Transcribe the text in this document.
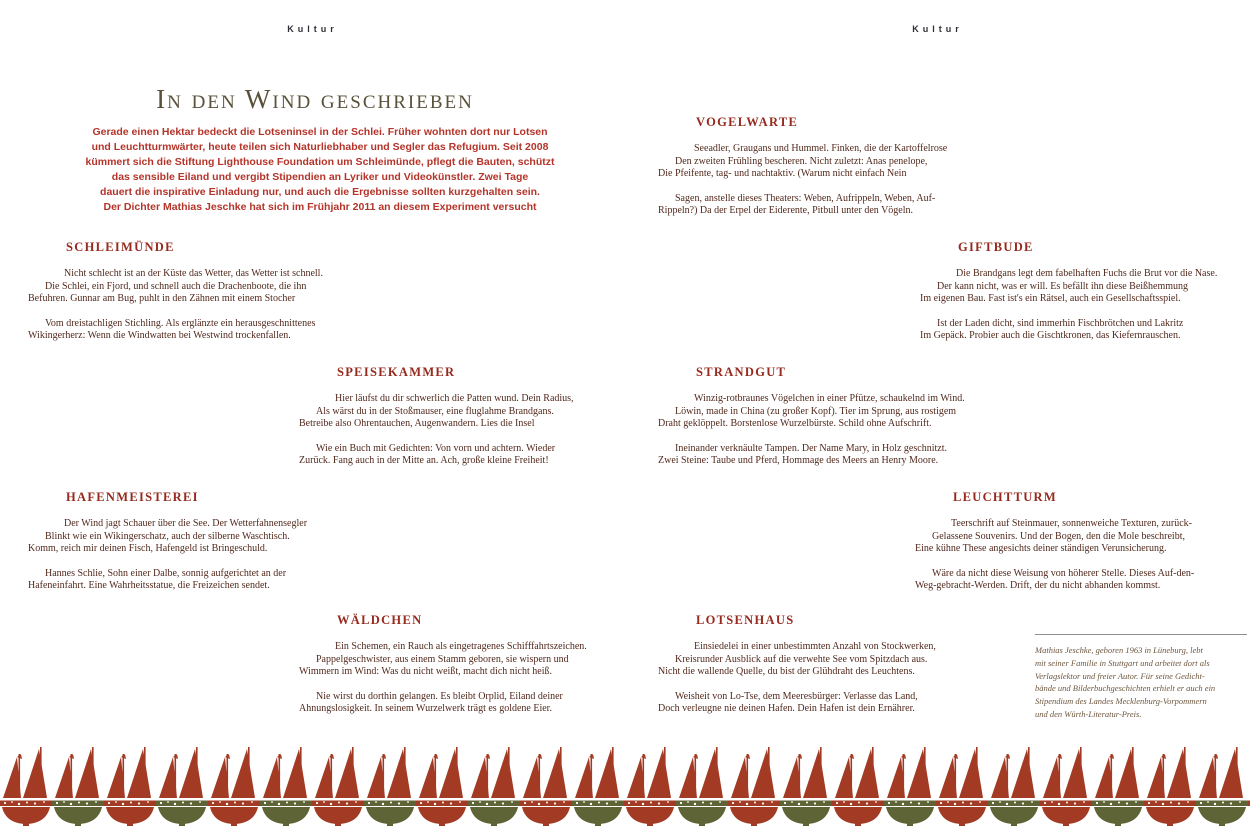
Kultur	Kultur
In den Wind geschrieben
Gerade einen Hektar bedeckt die Lotseninsel in der Schlei. Früher wohnten dort nur Lotsen
und Leuchtturmwärter, heute teilen sich Naturliebhaber und Segler das Refugium. Seit 2008
kümmert sich die Stiftung Lighthouse Foundation um Schleimünde, pflegt die Bauten, schützt
das sensible Eiland und vergibt Stipendien an Lyriker und Videokünstler. Zwei Tage
dauert die inspirative Einladung nur, und auch die Ergebnisse sollten kurzgehalten sein.
Der Dichter Mathias Jeschke hat sich im Frühjahr 2011 an diesem Experiment versucht
SCHLEIMÜNDE
Nicht schlecht ist an der Küste das Wetter, das Wetter ist schnell.
Die Schlei, ein Fjord, und schnell auch die Drachenboote, die ihn
Befuhren. Gunnar am Bug, puhlt in den Zähnen mit einem Stocher
Vom dreistachligen Stichling. Als erglänzte ein herausgeschnittenes
Wikingerherz: Wenn die Windwatten bei Westwind trockenfallen.
SPEISEKAMMER
Hier läufst du dir schwerlich die Patten wund. Dein Radius,
Als wärst du in der Stoßmauser, eine fluglahme Brandgans.
Betreibe also Ohrentauchen, Augenwandern. Lies die Insel
Wie ein Buch mit Gedichten: Von vorn und achtern. Wieder
Zurück. Fang auch in der Mitte an. Ach, große kleine Freiheit!
HAFENMEISTEREI
Der Wind jagt Schauer über die See. Der Wetterfahnensegler
Blinkt wie ein Wikingerschatz, auch der silberne Waschtisch.
Komm, reich mir deinen Fisch, Hafengeld ist Bringeschuld.
Hannes Schlie, Sohn einer Dalbe, sonnig aufgerichtet an der
Hafeneinfahrt. Eine Wahrheitsstatue, die Freizeichen sendet.
WÄLDCHEN
Ein Schemen, ein Rauch als eingetragenes Schifffahrtszeichen.
Pappelgeschwister, aus einem Stamm geboren, sie wispern und
Wimmern im Wind: Was du nicht weißt, macht dich nicht heiß.
Nie wirst du dorthin gelangen. Es bleibt Orplid, Eiland deiner
Ahnungslosigkeit. In seinem Wurzelwerk trägt es goldene Eier.
VOGELWARTE
Seeadler, Graugans und Hummel. Finken, die der Kartoffelrose
Den zweiten Frühling bescheren. Nicht zuletzt: Anas penelope,
Die Pfeifente, tag- und nachtaktiv. (Warum nicht einfach Nein
Sagen, anstelle dieses Theaters: Weben, Aufrippeln, Weben, Auf-
Rippeln?) Da der Erpel der Eiderente, Pitbull unter den Vögeln.
GIFTBUDE
Die Brandgans legt dem fabelhaften Fuchs die Brut vor die Nase.
Der kann nicht, was er will. Es befällt ihn diese Beißhemmung
Im eigenen Bau. Fast ist's ein Rätsel, auch ein Gesellschaftsspiel.
Ist der Laden dicht, sind immerhin Fischbrötchen und Lakritz
Im Gepäck. Probier auch die Gischtkronen, das Kiefernrauschen.
STRANDGUT
Winzig-rotbraunes Vögelchen in einer Pfütze, schaukelnd im Wind.
Löwin, made in China (zu großer Kopf). Tier im Sprung, aus rostigem
Draht geklöppelt. Borstenlose Wurzelbürste. Schild ohne Aufschrift.
Ineinander verknäulte Tampen. Der Name Mary, in Holz geschnitzt.
Zwei Steine: Taube und Pferd, Hommage des Meers an Henry Moore.
LEUCHTTURM
Teerschrift auf Steinmauer, sonnenweiche Texturen, zurück-
Gelassene Souvenirs. Und der Bogen, den die Mole beschreibt,
Eine kühne These angesichts deiner ständigen Verunsicherung.
Wäre da nicht diese Weisung von höherer Stelle. Dieses Auf-den-
Weg-gebracht-Werden. Drift, der du nicht abhanden kommst.
LOTSENHAUS
Einsiedelei in einer unbestimmten Anzahl von Stockwerken,
Kreisrunder Ausblick auf die verwehte See vom Spitzdach aus.
Nicht die wallende Quelle, du bist der Glühdraht des Leuchtens.
Weisheit von Lo-Tse, dem Meeresbürger: Verlasse das Land,
Doch verleugne nie deinen Hafen. Dein Hafen ist dein Ernährer.
Mathias Jeschke, geboren 1963 in Lüneburg, lebt
mit seiner Familie in Stuttgart und arbeitet dort als
Verlagslektor und freier Autor. Für seine Gedicht-
bände und Bilderbuchgeschichten erhielt er auch ein
Stipendium des Landes Mecklenburg-Vorpommern
und den Würth-Literatur-Preis.
